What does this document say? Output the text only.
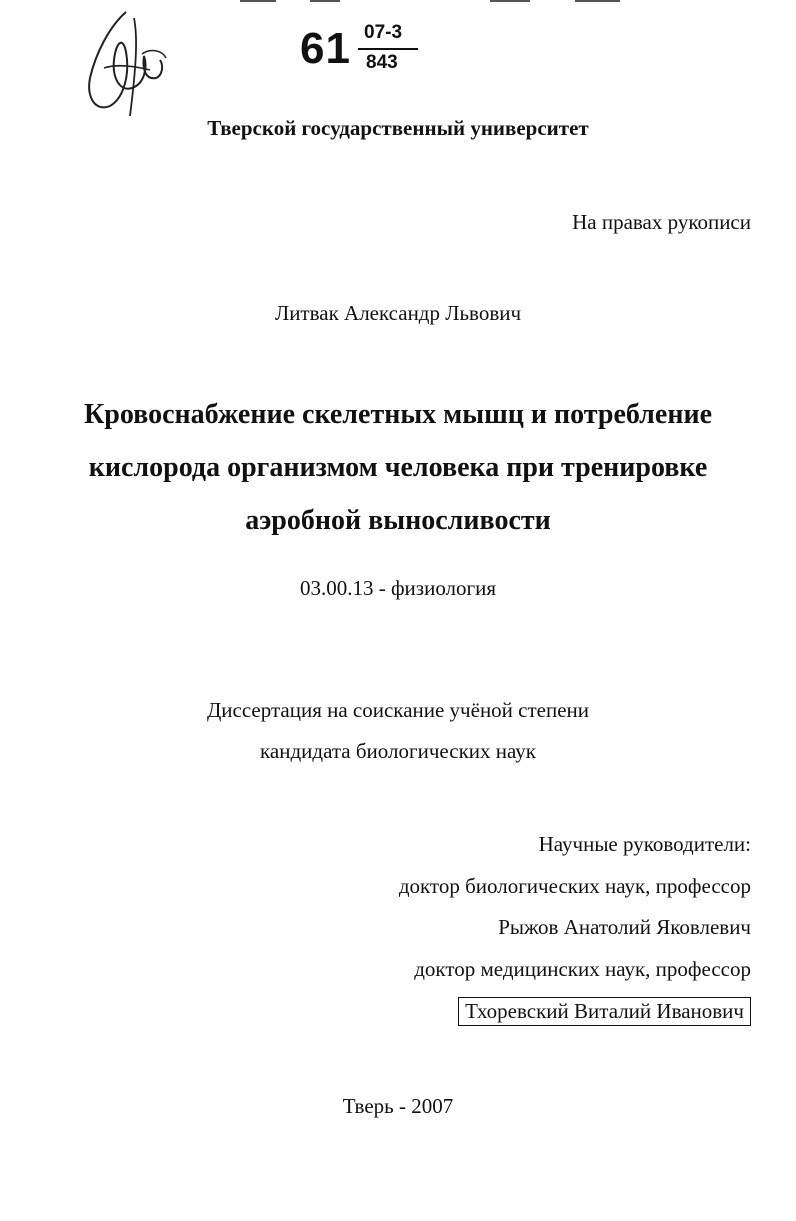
61 07-3
843
Тверской государственный университет
На правах рукописи
Литвак Александр Львович
Кровоснабжение скелетных мышц и потребление
кислорода организмом человека при тренировке
аэробной выносливости
03.00.13 - физиология
Диссертация на соискание учёной степени
кандидата биологических наук
Научные руководители:
доктор биологических наук, профессор
Рыжов Анатолий Яковлевич
доктор медицинских наук, профессор
Тхоревский Виталий Иванович
Тверь - 2007
